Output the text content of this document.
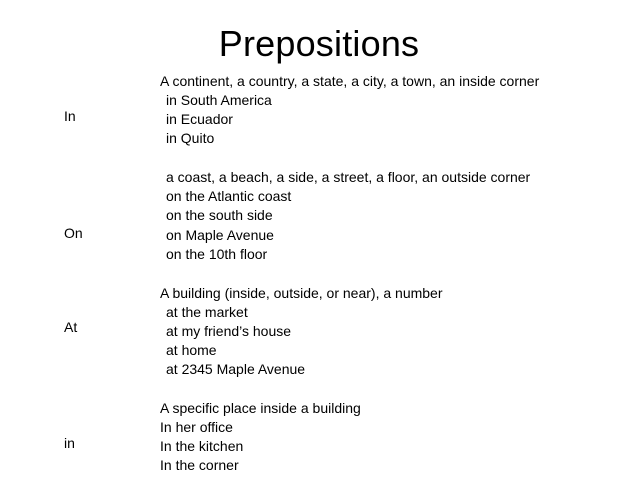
Prepositions
In
A continent, a country, a state, a city, a town, an inside corner
in South America
in Ecuador
in Quito
On
a coast, a beach, a side, a street, a floor, an outside corner
on the Atlantic coast
on the south side
on Maple Avenue
on the 10th floor
At
A building (inside, outside, or near), a number
at the market
at my friend’s house
at home
at 2345 Maple Avenue
in
A specific place inside a building
In her office
In the kitchen
In the corner
